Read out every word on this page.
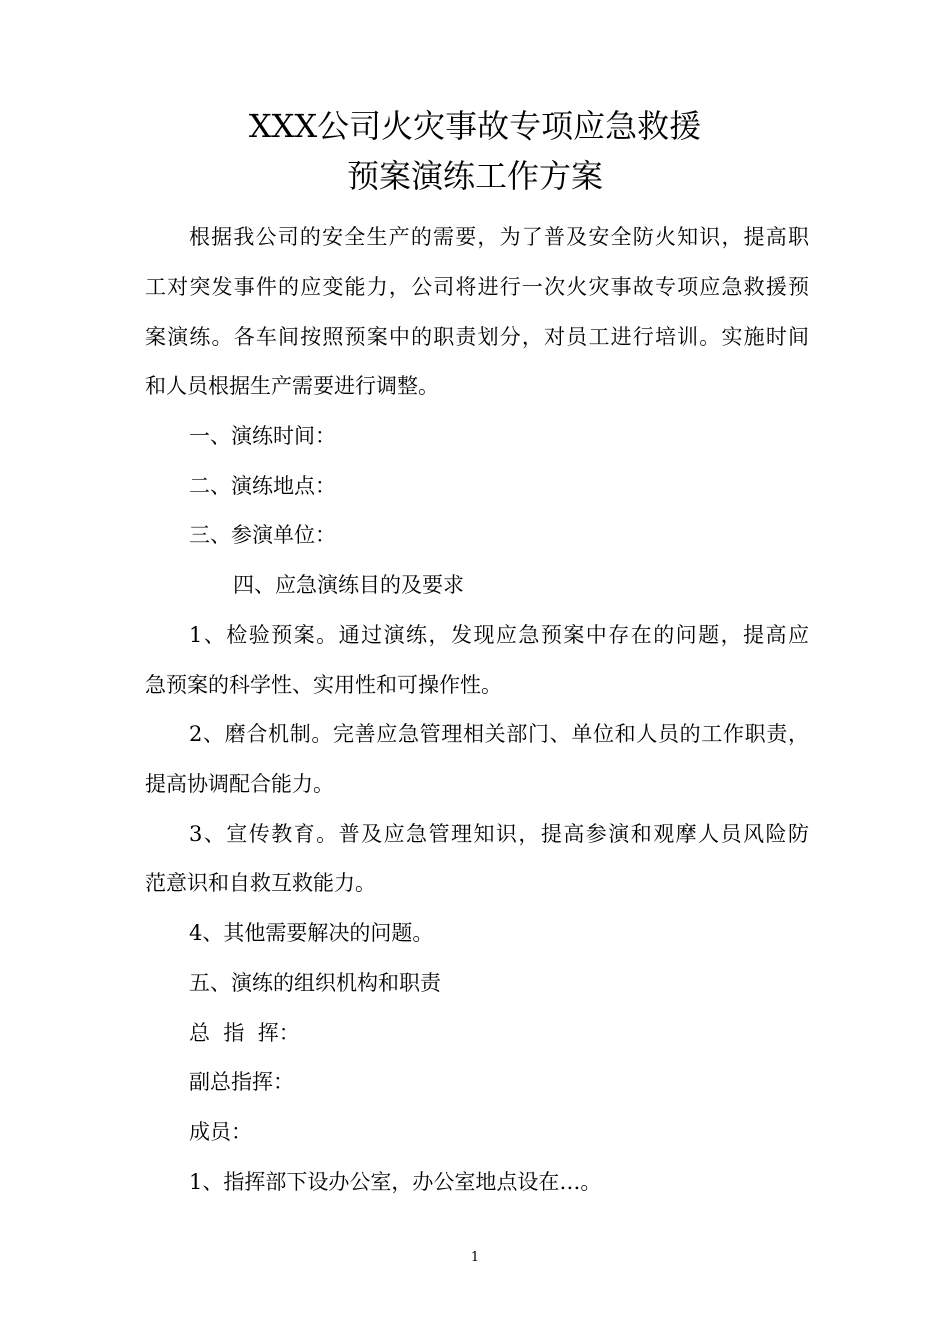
XXX公司火灾事故专项应急救援
预案演练工作方案
根据我公司的安全生产的需要，为了普及安全防火知识，提高职
工对突发事件的应变能力，公司将进行一次火灾事故专项应急救援预
案演练。各车间按照预案中的职责划分，对员工进行培训。实施时间
和人员根据生产需要进行调整。
一、演练时间：
二、演练地点：
三、参演单位：
四、应急演练目的及要求
1、检验预案。通过演练，发现应急预案中存在的问题，提高应
急预案的科学性、实用性和可操作性。
2、磨合机制。完善应急管理相关部门、单位和人员的工作职责，
提高协调配合能力。
3、宣传教育。普及应急管理知识，提高参演和观摩人员风险防
范意识和自救互救能力。
4、其他需要解决的问题。
五、演练的组织机构和职责
总  指  挥：
副总指挥：
成员：
1、指挥部下设办公室，办公室地点设在…。
1
